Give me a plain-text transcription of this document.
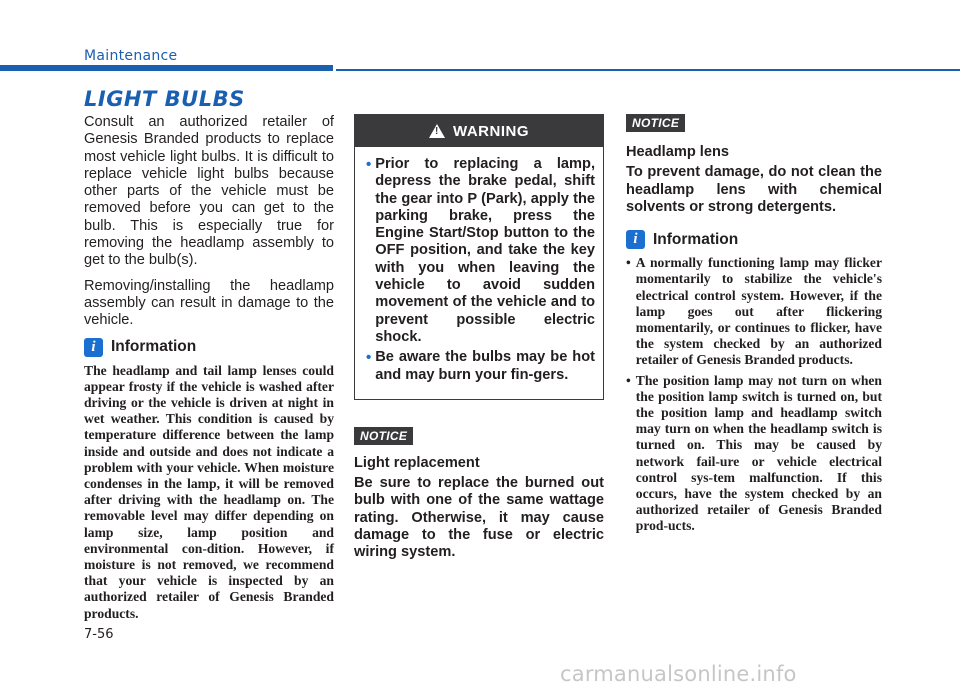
Maintenance
LIGHT BULBS

Consult an authorized retailer of Genesis Branded products to replace most vehicle light bulbs. It is difficult to replace vehicle light bulbs because other parts of the vehicle must be removed before you can get to the bulb. This is especially true for removing the headlamp assembly to get to the bulb(s).

Removing/installing the headlamp assembly can result in damage to the vehicle.

i Information

The headlamp and tail lamp lenses could appear frosty if the vehicle is washed after driving or the vehicle is driven at night in wet weather. This condition is caused by temperature difference between the lamp inside and outside and does not indicate a problem with your vehicle. When moisture condenses in the lamp, it will be removed after driving with the headlamp on. The removable level may differ depending on lamp size, lamp position and environmental con-dition. However, if moisture is not removed, we recommend that your vehicle is inspected by an authorized retailer of Genesis Branded products.

! WARNING
• Prior to replacing a lamp, depress the brake pedal, shift the gear into P (Park), apply the parking brake, press the Engine Start/Stop button to the OFF position, and take the key with you when leaving the vehicle to avoid sudden movement of the vehicle and to prevent possible electric shock.
• Be aware the bulbs may be hot and may burn your fin-gers.
NOTICE

Light replacement

Be sure to replace the burned out bulb with one of the same wattage rating. Otherwise, it may cause damage to the fuse or electric wiring system.

NOTICE

Headlamp lens

To prevent damage, do not clean the headlamp lens with chemical solvents or strong detergents.

i Information
• A normally functioning lamp may flicker momentarily to stabilize the vehicle's electrical control system. However, if the lamp goes out after flickering momentarily, or continues to flicker, have the system checked by an authorized retailer of Genesis Branded products.
• The position lamp may not turn on when the position lamp switch is turned on, but the position lamp and headlamp switch may turn on when the headlamp switch is turned on. This may be caused by network fail-ure or vehicle electrical control sys-tem malfunction. If this occurs, have the system checked by an authorized retailer of Genesis Branded prod-ucts.
7-56
carmanualsonline.info
